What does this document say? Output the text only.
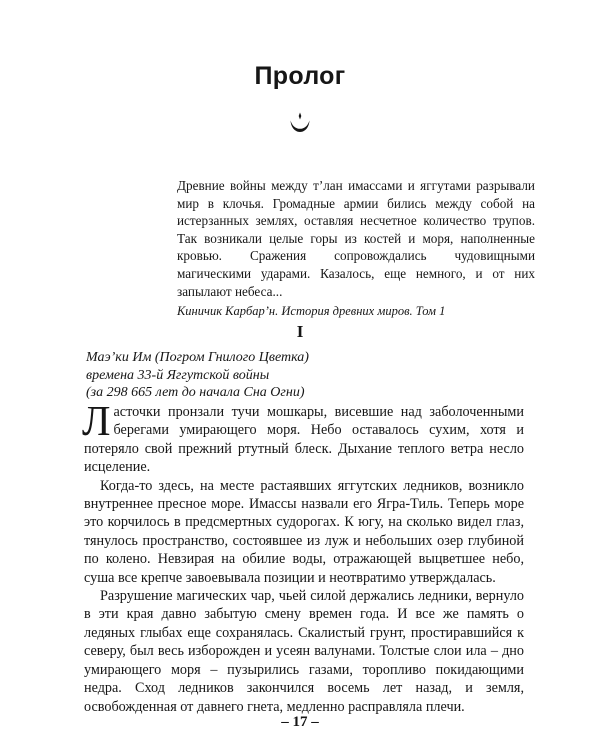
Пролог

Древние войны между т’лан имассами и яггутами разрывали мир в клочья. Громадные армии бились между собой на истерзанных землях, оставляя несчетное количество трупов. Так возникали целые горы из костей и моря, наполненные кровью. Сражения сопровождались чудовищными магическими ударами. Казалось, еще немного, и от них запылают небеса...

Киничик Карбар’н. История древних миров. Том 1

I
Маэ’ки Им (Погром Гнилого Цветка)
времена 33-й Яггутской войны
(за 298 665 лет до начала Сна Огни)

Ласточки пронзали тучи мошкары, висевшие над заболоченными берегами умирающего моря. Небо оставалось сухим, хотя и потеряло свой прежний ртутный блеск. Дыхание теплого ветра несло исцеление.

Когда-то здесь, на месте растаявших яггутских ледников, возникло внутреннее пресное море. Имассы назвали его Ягра-Тиль. Теперь море это корчилось в предсмертных судорогах. К югу, на сколько видел глаз, тянулось пространство, состоявшее из луж и небольших озер глубиной по колено. Невзирая на обилие воды, отражающей выцветшее небо, суша все крепче завоевывала позиции и неотвратимо утверждалась.

Разрушение магических чар, чьей силой держались ледники, вернуло в эти края давно забытую смену времен года. И все же память о ледяных глыбах еще сохранялась. Скалистый грунт, простиравшийся к северу, был весь изборожден и усеян валунами. Толстые слои ила – дно умирающего моря – пузырились газами, торопливо покидающими недра. Сход ледников закончился восемь лет назад, и земля, освобожденная от давнего гнета, медленно расправляла плечи.

– 17 –
